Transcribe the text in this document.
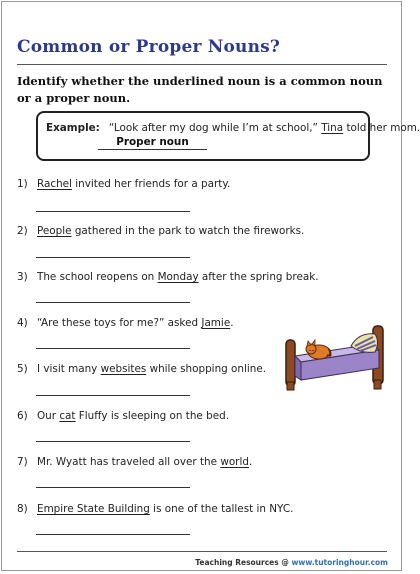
Common or Proper Nouns?

Identify whether the underlined noun is a common noun or a proper noun.

Example: “Look after my dog while I’m at school,” Tina told her mom.
Proper noun
1) Rachel invited her friends for a party.
2) People gathered in the park to watch the fireworks.
3) The school reopens on Monday after the spring break.
4) “Are these toys for me?” asked Jamie.
5) I visit many websites while shopping online.
6) Our cat Fluffy is sleeping on the bed.
7) Mr. Wyatt has traveled all over the world.
8) Empire State Building is one of the tallest in NYC.
Teaching Resources @ www.tutoringhour.com
